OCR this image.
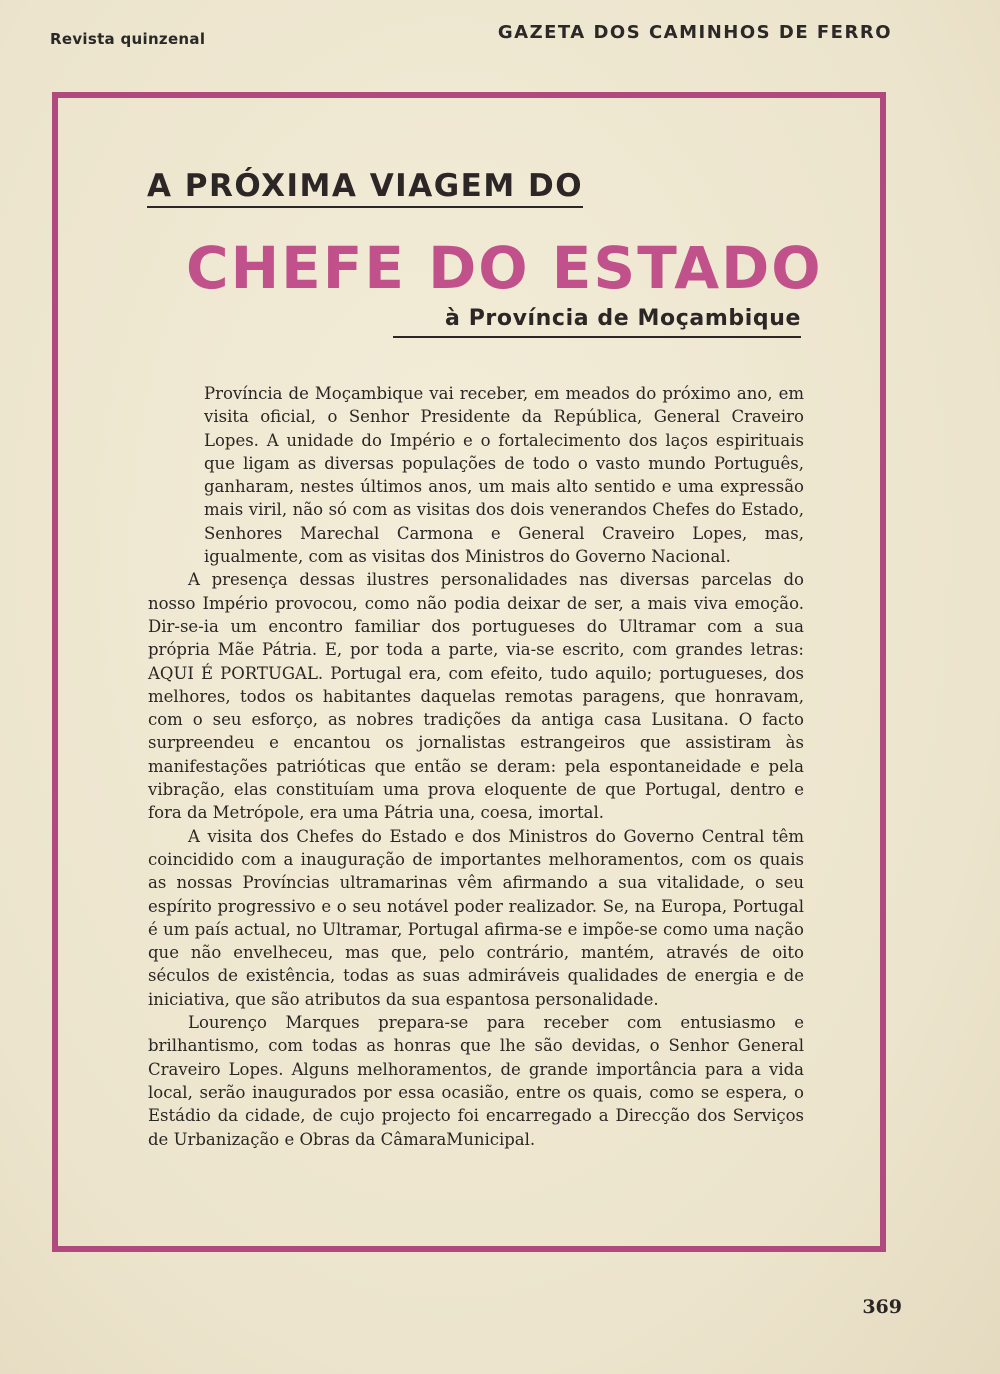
Revista quinzenal	GAZETA DOS CAMINHOS DE FERRO
A PRÓXIMA VIAGEM DO
CHEFE DO ESTADO
à Província de Moçambique

Província de Moçambique vai receber, em meados do próximo ano, em visita oficial, o Senhor Presidente da República, General Craveiro Lopes. A unidade do Império e o fortalecimento dos laços espirituais que ligam as diversas populações de todo o vasto mundo Português, ganharam, nestes últimos anos, um mais alto sentido e uma expressão mais viril, não só com as visitas dos dois venerandos Chefes do Estado, Senhores Marechal Carmona e General Craveiro Lopes, mas, igualmente, com as visitas dos Ministros do Governo Nacional.

A presença dessas ilustres personalidades nas diversas parcelas do nosso Império provocou, como não podia deixar de ser, a mais viva emoção. Dir-se-ia um encontro familiar dos portugueses do Ultramar com a sua própria Mãe Pátria. E, por toda a parte, via-se escrito, com grandes letras: AQUI É PORTUGAL. Portugal era, com efeito, tudo aquilo; portugueses, dos melhores, todos os habitantes daquelas remotas paragens, que honravam, com o seu esforço, as nobres tradições da antiga casa Lusitana. O facto surpreendeu e encantou os jornalistas estrangeiros que assistiram às manifestações patrióticas que então se deram: pela espontaneidade e pela vibração, elas constituíam uma prova eloquente de que Portugal, dentro e fora da Metrópole, era uma Pátria una, coesa, imortal.

A visita dos Chefes do Estado e dos Ministros do Governo Central têm coincidido com a inauguração de importantes melhoramentos, com os quais as nossas Províncias ultramarinas vêm afirmando a sua vitalidade, o seu espírito progressivo e o seu notável poder realizador. Se, na Europa, Portugal é um país actual, no Ultramar, Portugal afirma-se e impõe-se como uma nação que não envelheceu, mas que, pelo contrário, mantém, através de oito séculos de existência, todas as suas admiráveis qualidades de energia e de iniciativa, que são atributos da sua espantosa personalidade.

Lourenço Marques prepara-se para receber com entusiasmo e brilhantismo, com todas as honras que lhe são devidas, o Senhor General Craveiro Lopes. Alguns melhoramentos, de grande importância para a vida local, serão inaugurados por essa ocasião, entre os quais, como se espera, o Estádio da cidade, de cujo projecto foi encarregado a Direcção dos Serviços de Urbanização e Obras da CâmaraMunicipal.

369
